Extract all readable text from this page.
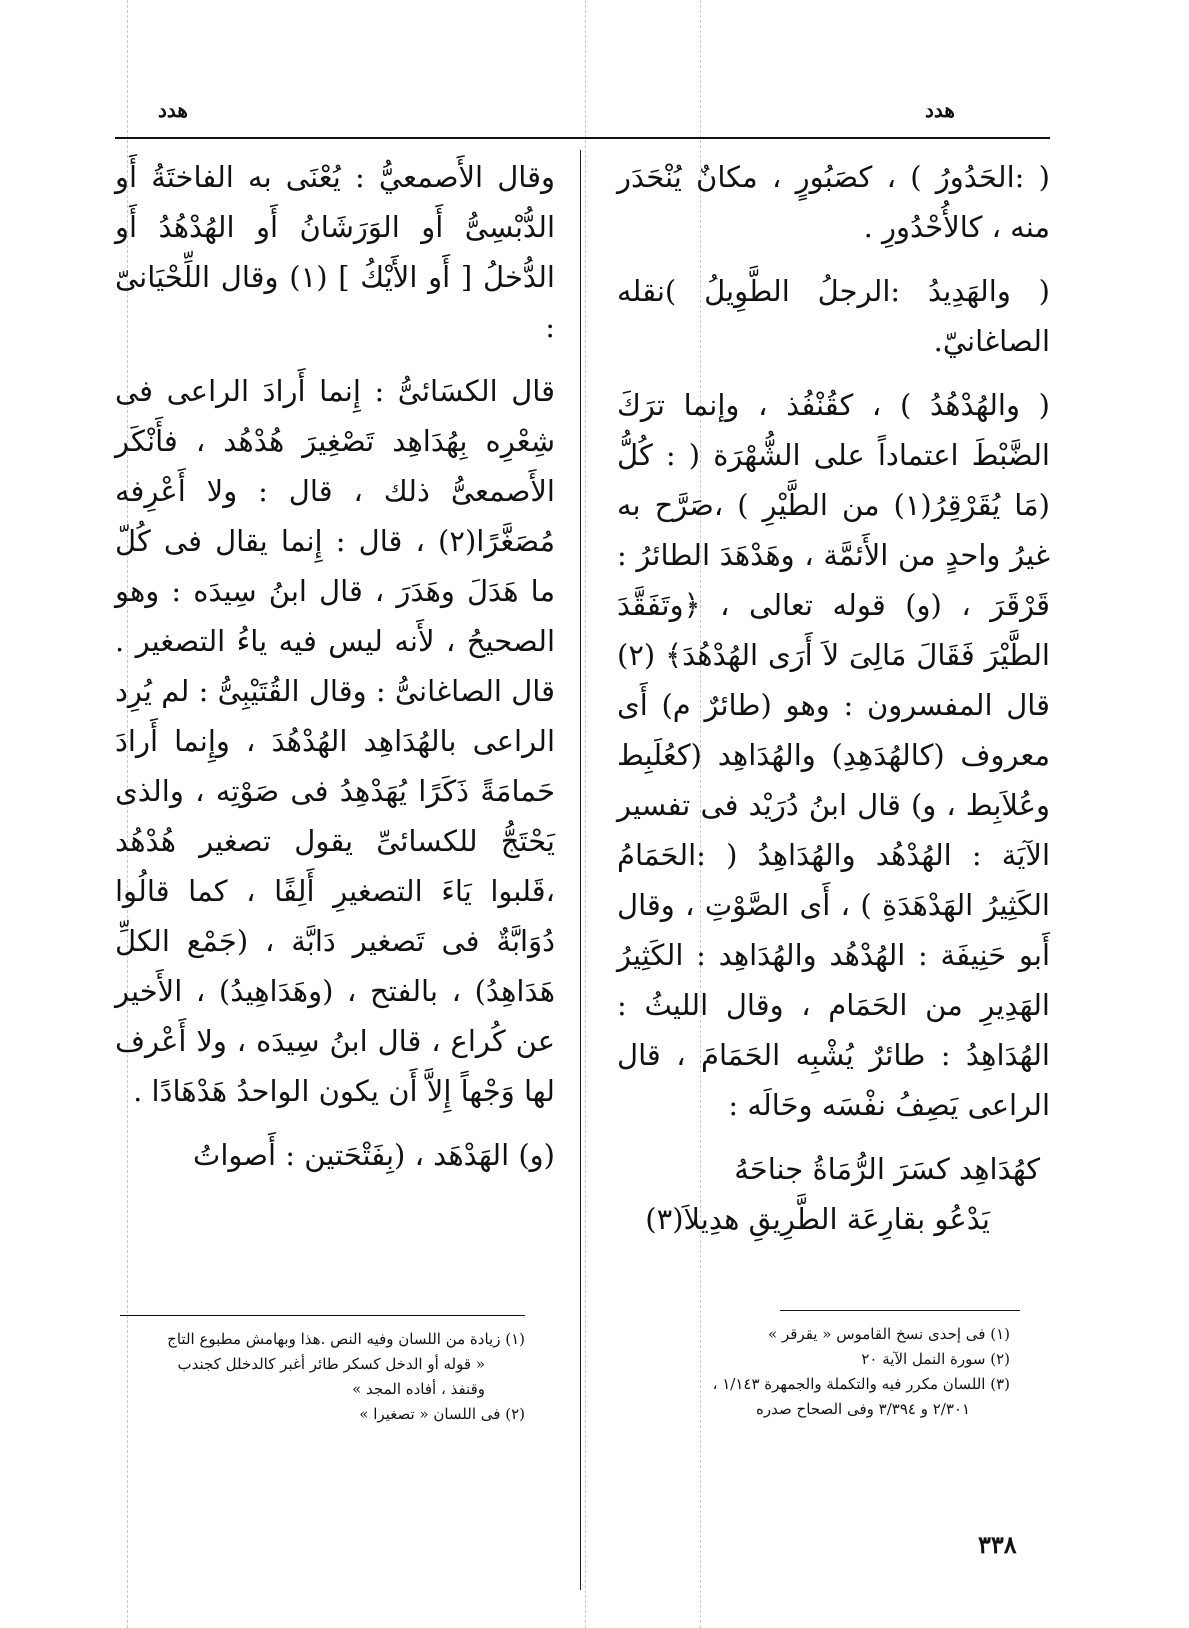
هدد
هدد

( :الحَدُورُ ) ، كصَبُورٍ ، مكانٌ يُنْحَدَر منه ، كالأُحْدُورِ .

( والهَدِيدُ :الرجلُ الطَّوِيلُ )نقله الصاغانيّ.

( والهُدْهُدُ ) ، كقُنْفُذ ، وإنما ترَكَ الضَّبْطَ اعتماداً على الشُّهْرَة ( : كُلُّ (مَا يُقَرْقِرُ(١) من الطَّيْرِ ) ،صَرَّح به غيرُ واحدٍ من الأَئمَّة ، وهَدْهَدَ الطائرُ : قَرْقَرَ ، (و) قوله تعالى ، ﴿وتَفَقَّدَ الطَّيْرَ فَقَالَ مَالِىَ لاَ أَرَى الهُدْهُدَ﴾ (٢) قال المفسرون : وهو (طائرٌ م) أَى معروف (كالهُدَهِدِ) والهُدَاهِد (كعُلَبِط وعُلاَبِط ، و) قال ابنُ دُرَيْد فى تفسير الآيَة : الهُدْهُد والهُدَاهِدُ ( :الحَمَامُ الكَثِيرُ الهَدْهَدَةِ ) ، أَى الصَّوْتِ ، وقال أَبو حَنِيفَة : الهُدْهُد والهُدَاهِد : الكَثِيرُ الهَدِيرِ من الحَمَام ، وقال الليثُ : الهُدَاهِدُ : طائرٌ يُشْبِه الحَمَامَ ، قال الراعى يَصِفُ نفْسَه وحَالَه :

كهُدَاهِد كسَرَ الرُّمَاةُ جناحَهُ
يَدْعُو بقارِعَة الطَّرِيقِ هدِيلاَ(٣)

وقال الأَصمعيُّ : يُعْنَى به الفاختَةُ أَو الدُّبْسِىُّ أَو الوَرَشَانُ أَو الهُدْهُدُ أَو الدُّخلُ [ أَو الأَيْكُ ] (١) وقال اللِّحْيَانىّ :

قال الكسَائىُّ : إِنما أَرادَ الراعى فى شِعْرِه بِهُدَاهِد تَصْغِيرَ هُدْهُد ، فأَنْكَر الأَصمعىُّ ذلك ، قال : ولا أَعْرِفه مُصَغَّرًا(٢) ، قال : إِنما يقال فى كُلّ ما هَدَلَ وهَدَرَ ، قال ابنُ سِيدَه : وهو الصحيحُ ، لأَنه ليس فيه ياءُ التصغير . قال الصاغانىُّ : وقال القُتَيْبِىُّ : لم يُرِد الراعى بالهُدَاهِد الهُدْهُدَ ، وإِنما أَرادَ حَمامَةً ذَكَرًا يُهَدْهِدُ فى صَوْتِه ، والذى يَحْتَجُّ للكسائىِّ يقول تصغير هُدْهُد ،قَلبوا يَاءَ التصغيرِ أَلِفًا ، كما قالُوا دُوَابَّةٌ فى تَصغير دَابَّة ، (جَمْع الكلِّ هَدَاهِدُ) ، بالفتح ، (وهَدَاهِيدُ) ، الأَخير عن كُراع ، قال ابنُ سِيدَه ، ولا أَعْرف لها وَجْهاً إِلاَّ أَن يكون الواحدُ هَدْهَادًا .

(و) الهَدْهَد ، (بِفَتْحَتين : أَصواتُ

(١) فى إحدى نسخ القاموس « يقرقر »
(٢) سورة النمل الآية ٢٠
(٣) اللسان مكرر فيه والتكملة والجمهرة ١/١٤٣ ،
٢/٣٠١ و ٣/٣٩٤ وفى الصحاح صدره
(١) زيادة من اللسان وفيه النص .هذا وبهامش مطبوع التاج
« قوله أو الدخل كسكر طائر أغبر كالدخلل كجندب
وقنفذ ، أفاده المجد »
(٢) فى اللسان « تصغيرا »
٣٣٨
